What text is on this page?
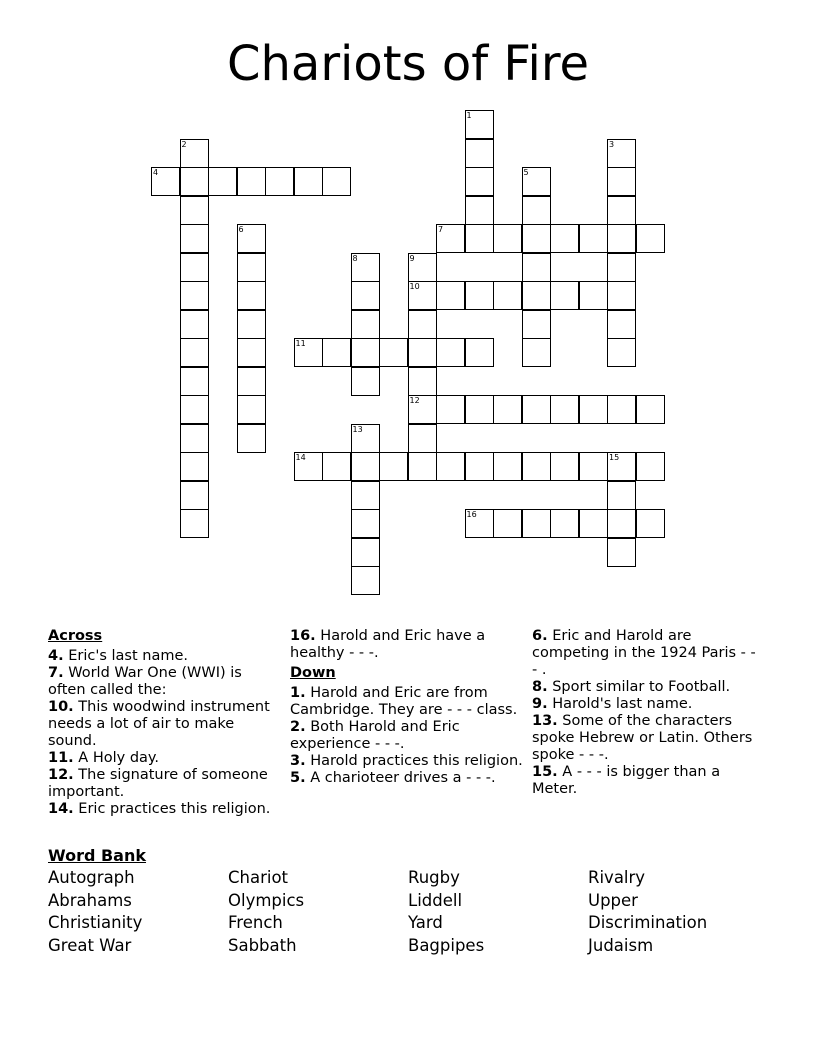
Chariots of Fire
4
7
10
11
12
14	15
16
1
2	3
5
6
8	9
13
Across

4. Eric's last name.

7. World War One (WWI) is often called the:

10. This woodwind instrument needs a lot of air to make sound.

11. A Holy day.

12. The signature of someone important.

14. Eric practices this religion.

16. Harold and Eric have a healthy - - -.

Down

1. Harold and Eric are from Cambridge. They are - - - class.

2. Both Harold and Eric experience - - -.

3. Harold practices this religion.

5. A charioteer drives a - - -.

6. Eric and Harold are competing in the 1924 Paris - - - .

8. Sport similar to Football.

9. Harold's last name.

13. Some of the characters spoke Hebrew or Latin. Others spoke - - -.

15. A - - - is bigger than a Meter.

Word Bank
Autograph
Abrahams
Christianity
Great War
Chariot
Olympics
French
Sabbath
Rugby
Liddell
Yard
Bagpipes
Rivalry
Upper
Discrimination
Judaism
